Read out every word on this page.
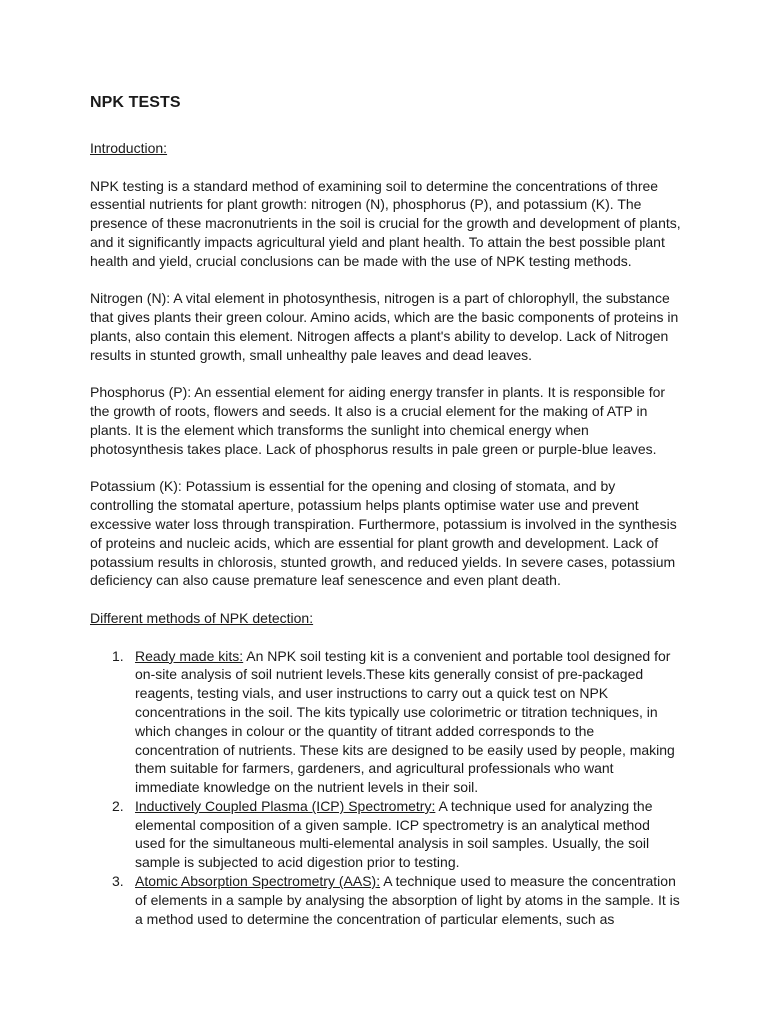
NPK TESTS
Introduction:

NPK testing is a standard method of examining soil to determine the concentrations of three essential nutrients for plant growth: nitrogen (N), phosphorus (P), and potassium (K). The presence of these macronutrients in the soil is crucial for the growth and development of plants, and it significantly impacts agricultural yield and plant health. To attain the best possible plant health and yield, crucial conclusions can be made with the use of NPK testing methods.

Nitrogen (N): A vital element in photosynthesis, nitrogen is a part of chlorophyll, the substance that gives plants their green colour. Amino acids, which are the basic components of proteins in plants, also contain this element. Nitrogen affects a plant's ability to develop. Lack of Nitrogen results in stunted growth, small unhealthy pale leaves and dead leaves.

Phosphorus (P): An essential element for aiding energy transfer in plants. It is responsible for the growth of roots, flowers and seeds. It also is a crucial element for the making of ATP in plants. It is the element which transforms the sunlight into chemical energy when photosynthesis takes place. Lack of phosphorus results in pale green or purple-blue leaves.

Potassium (K): Potassium is essential for the opening and closing of stomata, and by controlling the stomatal aperture, potassium helps plants optimise water use and prevent excessive water loss through transpiration. Furthermore, potassium is involved in the synthesis of proteins and nucleic acids, which are essential for plant growth and development. Lack of potassium results in chlorosis, stunted growth, and reduced yields. In severe cases, potassium deficiency can also cause premature leaf senescence and even plant death.

Different methods of NPK detection:
1. Ready made kits: An NPK soil testing kit is a convenient and portable tool designed for on-site analysis of soil nutrient levels.These kits generally consist of pre-packaged reagents, testing vials, and user instructions to carry out a quick test on NPK concentrations in the soil. The kits typically use colorimetric or titration techniques, in which changes in colour or the quantity of titrant added corresponds to the concentration of nutrients. These kits are designed to be easily used by people, making them suitable for farmers, gardeners, and agricultural professionals who want immediate knowledge on the nutrient levels in their soil.
2. Inductively Coupled Plasma (ICP) Spectrometry: A technique used for analyzing the elemental composition of a given sample. ICP spectrometry is an analytical method used for the simultaneous multi-elemental analysis in soil samples. Usually, the soil sample is subjected to acid digestion prior to testing.
3. Atomic Absorption Spectrometry (AAS): A technique used to measure the concentration of elements in a sample by analysing the absorption of light by atoms in the sample. It is a method used to determine the concentration of particular elements, such as
